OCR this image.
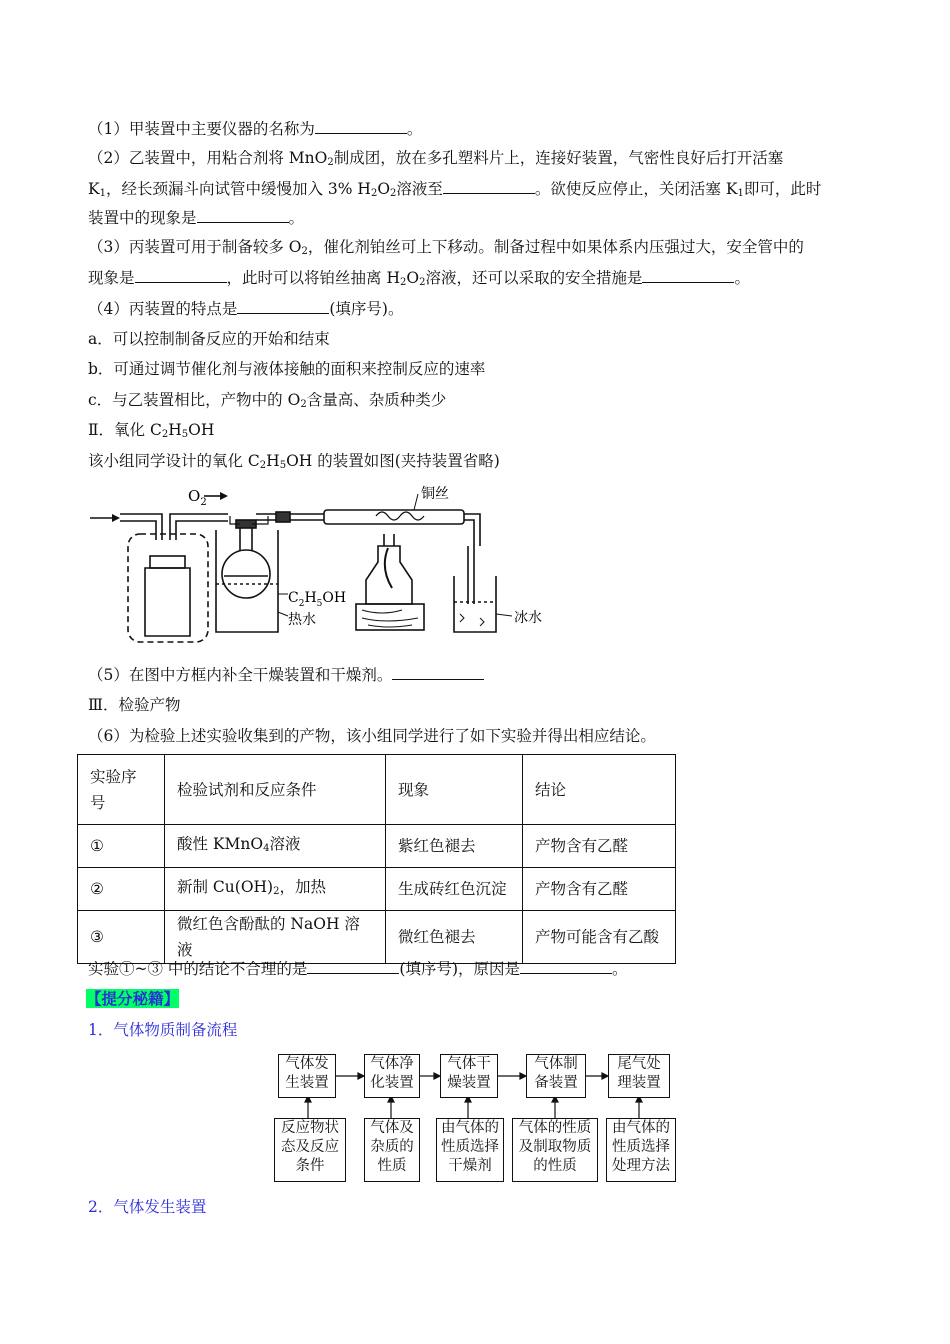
（1）甲装置中主要仪器的名称为	。
（2）乙装置中，用粘合剂将 MnO$_2$制成团，放在多孔塑料片上，连接好装置，气密性良好后打开活塞
$K_1$，经长颈漏斗向试管中缓慢加入 3% $H_2O_2$溶液至	。欲使反应停止，关闭活塞 $K_1$即可，此时
装置中的现象是	。
（3）丙装置可用于制备较多 $O_2$，催化剂铂丝可上下移动。制备过程中如果体系内压强过大，安全管中的
现象是	，此时可以将铂丝抽离 $H_2O_2$溶液，还可以采取的安全措施是	。
（4）丙装置的特点是	(填序号)。
a．可以控制制备反应的开始和结束
b．可通过调节催化剂与液体接触的面积来控制反应的速率
c．与乙装置相比，产物中的 $O_2$含量高、杂质种类少
Ⅱ．氧化 $C_2H_5OH$
该小组同学设计的氧化 $C_2H_5OH$ 的装置如图(夹持装置省略)
$O_2$
铜丝
$C_2H_5OH$
热水	冰水
（5）在图中方框内补全干燥装置和干燥剂。
Ⅲ．检验产物
（6）为检验上述实验收集到的产物，该小组同学进行了如下实验并得出相应结论。
实验序
号	检验试剂和反应条件	现象	结论
①	酸性 KMnO$_4$溶液	紫红色褪去	产物含有乙醛
②	新制 $Cu(OH)_2$，加热	生成砖红色沉淀	产物含有乙醛
③	微红色含酚酞的 NaOH 溶液	微红色褪去	产物可能含有乙酸
实验①~③ 中的结论不合理的是	(填序号)，原因是	。
【提分秘籍】
1．气体物质制备流程
气体发
生装置
气体净
化装置
气体干
燥装置
气体制
备装置
尾气处
理装置
反应物状
态及反应
条件
气体及
杂质的
性质
由气体的
性质选择
干燥剂
气体的性质
及制取物质
的性质
由气体的
性质选择
处理方法
2．气体发生装置
